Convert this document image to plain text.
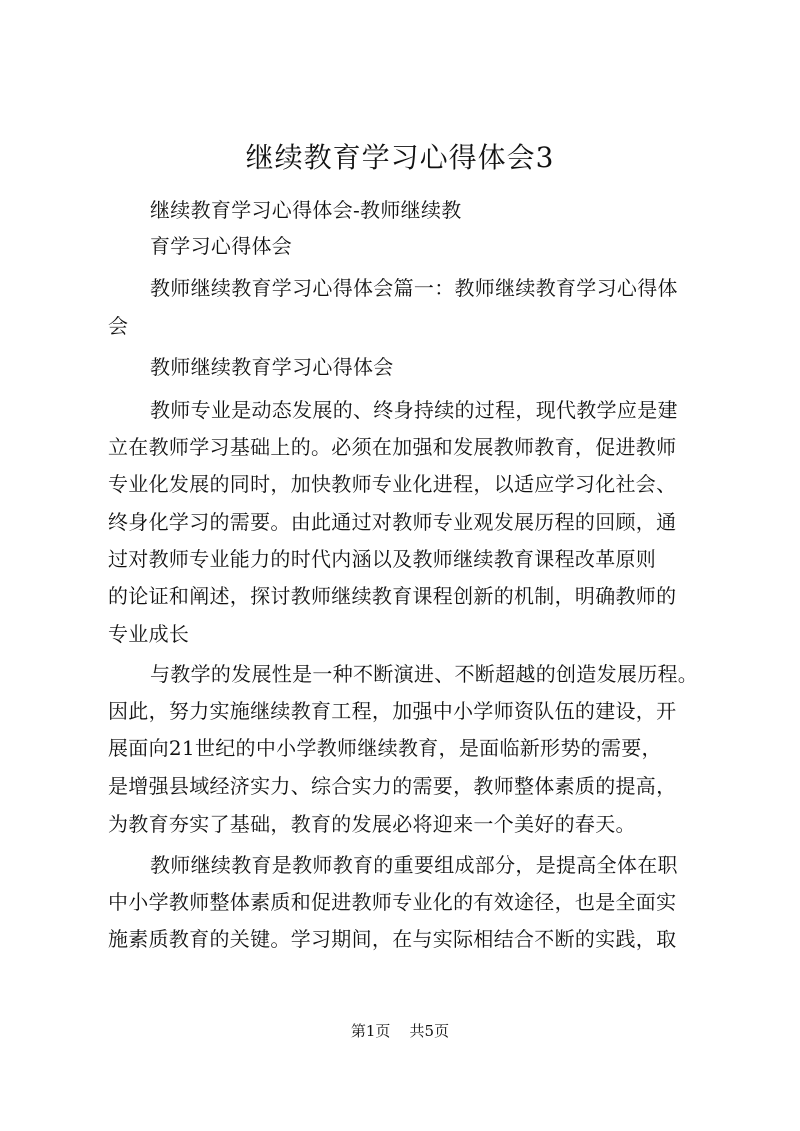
继续教育学习心得体会3
继续教育学习心得体会-教师继续教
育学习心得体会
教师继续教育学习心得体会篇一：教师继续教育学习心得体
会
教师继续教育学习心得体会
教师专业是动态发展的、终身持续的过程，现代教学应是建
立在教师学习基础上的。必须在加强和发展教师教育，促进教师
专业化发展的同时，加快教师专业化进程，以适应学习化社会、
终身化学习的需要。由此通过对教师专业观发展历程的回顾，通
过对教师专业能力的时代内涵以及教师继续教育课程改革原则
的论证和阐述，探讨教师继续教育课程创新的机制，明确教师的
专业成长
与教学的发展性是一种不断演进、不断超越的创造发展历程。
因此，努力实施继续教育工程，加强中小学师资队伍的建设，开
展面向21世纪的中小学教师继续教育，是面临新形势的需要，
是增强县域经济实力、综合实力的需要，教师整体素质的提高，
为教育夯实了基础，教育的发展必将迎来一个美好的春天。
教师继续教育是教师教育的重要组成部分，是提高全体在职
中小学教师整体素质和促进教师专业化的有效途径，也是全面实
施素质教育的关键。学习期间，在与实际相结合不断的实践，取
第1页 共5页
